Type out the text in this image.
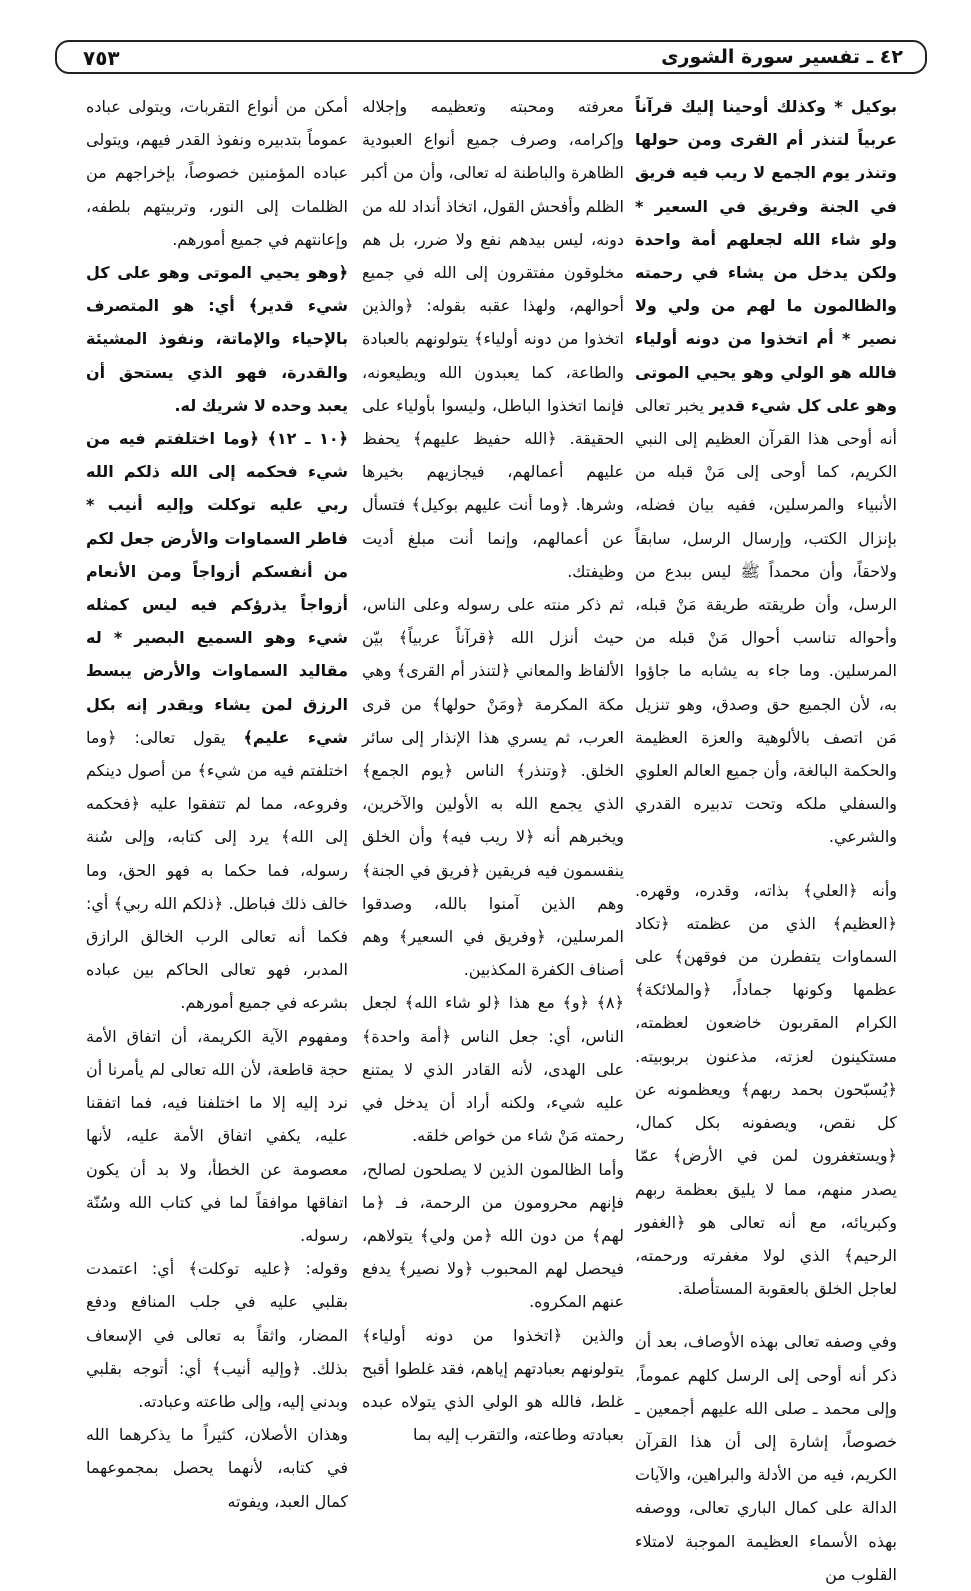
٤٢ ـ تفسير سورة الشورى
٧٥٣

بوكيل * وكذلك أوحينا إليك قرآناً عربياً لتنذر أم القرى ومن حولها وتنذر يوم الجمع لا ريب فيه فريق في الجنة وفريق في السعير * ولو شاء الله لجعلهم أمة واحدة ولكن يدخل من يشاء في رحمته والظالمون ما لهم من ولي ولا نصير * أم اتخذوا من دونه أولياء فالله هو الولي وهو يحيي الموتى وهو على كل شيء قدير يخبر تعالى أنه أوحى هذا القرآن العظيم إلى النبي الكريم، كما أوحى إلى مَنْ قبله من الأنبياء والمرسلين، ففيه بيان فضله، بإنزال الكتب، وإرسال الرسل، سابقاً ولاحقاً، وأن محمداً ﷺ ليس ببدع من الرسل، وأن طريقته طريقة مَنْ قبله، وأحواله تناسب أحوال مَنْ قبله من المرسلين. وما جاء به يشابه ما جاؤوا به، لأن الجميع حق وصدق، وهو تنزيل مَن اتصف بالألوهية والعزة العظيمة والحكمة البالغة، وأن جميع العالم العلوي والسفلي ملكه وتحت تدبيره القدري والشرعي.

وأنه ﴿العلي﴾ بذاته، وقدره، وقهره. ﴿العظيم﴾ الذي من عظمته ﴿تكاد السماوات يتفطرن من فوقهن﴾ على عظمها وكونها جماداً، ﴿والملائكة﴾ الكرام المقربون خاضعون لعظمته، مستكينون لعزته، مذعنون بربوبيته. ﴿يُسبّحون بحمد ربهم﴾ ويعظمونه عن كل نقص، ويصفونه بكل كمال، ﴿ويستغفرون لمن في الأرض﴾ عمّا يصدر منهم، مما لا يليق بعظمة ربهم وكبريائه، مع أنه تعالى هو ﴿الغفور الرحيم﴾ الذي لولا مغفرته ورحمته، لعاجل الخلق بالعقوبة المستأصلة.

وفي وصفه تعالى بهذه الأوصاف، بعد أن ذكر أنه أوحى إلى الرسل كلهم عموماً، وإلى محمد ـ صلى الله عليهم أجمعين ـ خصوصاً، إشارة إلى أن هذا القرآن الكريم، فيه من الأدلة والبراهين، والآيات الدالة على كمال الباري تعالى، ووصفه بهذه الأسماء العظيمة الموجبة لامتلاء القلوب من

معرفته ومحبته وتعظيمه وإجلاله وإكرامه، وصرف جميع أنواع العبودية الظاهرة والباطنة له تعالى، وأن من أكبر الظلم وأفحش القول، اتخاذ أنداد لله من دونه، ليس بيدهم نفع ولا ضرر، بل هم مخلوقون مفتقرون إلى الله في جميع أحوالهم، ولهذا عقبه بقوله: ﴿والذين اتخذوا من دونه أولياء﴾ يتولونهم بالعبادة والطاعة، كما يعبدون الله ويطيعونه، فإنما اتخذوا الباطل، وليسوا بأولياء على الحقيقة. ﴿الله حفيظ عليهم﴾ يحفظ عليهم أعمالهم، فيجازيهم بخيرها وشرها. ﴿وما أنت عليهم بوكيل﴾ فتسأل عن أعمالهم، وإنما أنت مبلغ أديت وظيفتك.

ثم ذكر منته على رسوله وعلى الناس، حيث أنزل الله ﴿قرآناً عربياً﴾ بيّن الألفاظ والمعاني ﴿لتنذر أم القرى﴾ وهي مكة المكرمة ﴿ومَنْ حولها﴾ من قرى العرب، ثم يسري هذا الإنذار إلى سائر الخلق. ﴿وتنذر﴾ الناس ﴿يوم الجمع﴾ الذي يجمع الله به الأولين والآخرين، ويخبرهم أنه ﴿لا ريب فيه﴾ وأن الخلق ينقسمون فيه فريقين ﴿فريق في الجنة﴾ وهم الذين آمنوا بالله، وصدقوا المرسلين، ﴿وفريق في السعير﴾ وهم أصناف الكفرة المكذبين.

﴿٨﴾ ﴿و﴾ مع هذا ﴿لو شاء الله﴾ لجعل الناس، أي: جعل الناس ﴿أمة واحدة﴾ على الهدى، لأنه القادر الذي لا يمتنع عليه شيء، ولكنه أراد أن يدخل في رحمته مَنْ شاء من خواص خلقه.

وأما الظالمون الذين لا يصلحون لصالح، فإنهم محرومون من الرحمة، فـ ﴿ما لهم﴾ من دون الله ﴿من ولي﴾ يتولاهم، فيحصل لهم المحبوب ﴿ولا نصير﴾ يدفع عنهم المكروه.

والذين ﴿اتخذوا من دونه أولياء﴾ يتولونهم بعبادتهم إياهم، فقد غلطوا أقبح غلط، فالله هو الولي الذي يتولاه عبده بعبادته وطاعته، والتقرب إليه بما

أمكن من أنواع التقربات، ويتولى عباده عموماً بتدبيره ونفوذ القدر فيهم، ويتولى عباده المؤمنين خصوصاً، بإخراجهم من الظلمات إلى النور، وتربيتهم بلطفه، وإعانتهم في جميع أمورهم.

﴿وهو يحيي الموتى وهو على كل شيء قدير﴾ أي: هو المتصرف بالإحياء والإماتة، ونفوذ المشيئة والقدرة، فهو الذي يستحق أن يعبد وحده لا شريك له.

﴿١٠ ـ ١٢﴾ ﴿وما اختلفتم فيه من شيء فحكمه إلى الله ذلكم الله ربي عليه توكلت وإليه أنيب * فاطر السماوات والأرض جعل لكم من أنفسكم أزواجاً ومن الأنعام أزواجاً يذرؤكم فيه ليس كمثله شيء وهو السميع البصير * له مقاليد السماوات والأرض يبسط الرزق لمن يشاء ويقدر إنه بكل شيء عليم﴾ يقول تعالى: ﴿وما اختلفتم فيه من شيء﴾ من أصول دينكم وفروعه، مما لم تتفقوا عليه ﴿فحكمه إلى الله﴾ يرد إلى كتابه، وإلى سُنة رسوله، فما حكما به فهو الحق، وما خالف ذلك فباطل. ﴿ذلكم الله ربي﴾ أي: فكما أنه تعالى الرب الخالق الرازق المدبر، فهو تعالى الحاكم بين عباده بشرعه في جميع أمورهم.

ومفهوم الآية الكريمة، أن اتفاق الأمة حجة قاطعة، لأن الله تعالى لم يأمرنا أن نرد إليه إلا ما اختلفنا فيه، فما اتفقنا عليه، يكفي اتفاق الأمة عليه، لأنها معصومة عن الخطأ، ولا بد أن يكون اتفاقها موافقاً لما في كتاب الله وسُنّة رسوله.

وقوله: ﴿عليه توكلت﴾ أي: اعتمدت بقلبي عليه في جلب المنافع ودفع المضار، واثقاً به تعالى في الإسعاف بذلك. ﴿وإليه أنيب﴾ أي: أتوجه بقلبي وبدني إليه، وإلى طاعته وعبادته.

وهذان الأصلان، كثيراً ما يذكرهما الله في كتابه، لأنهما يحصل بمجموعهما كمال العبد، ويفوته
